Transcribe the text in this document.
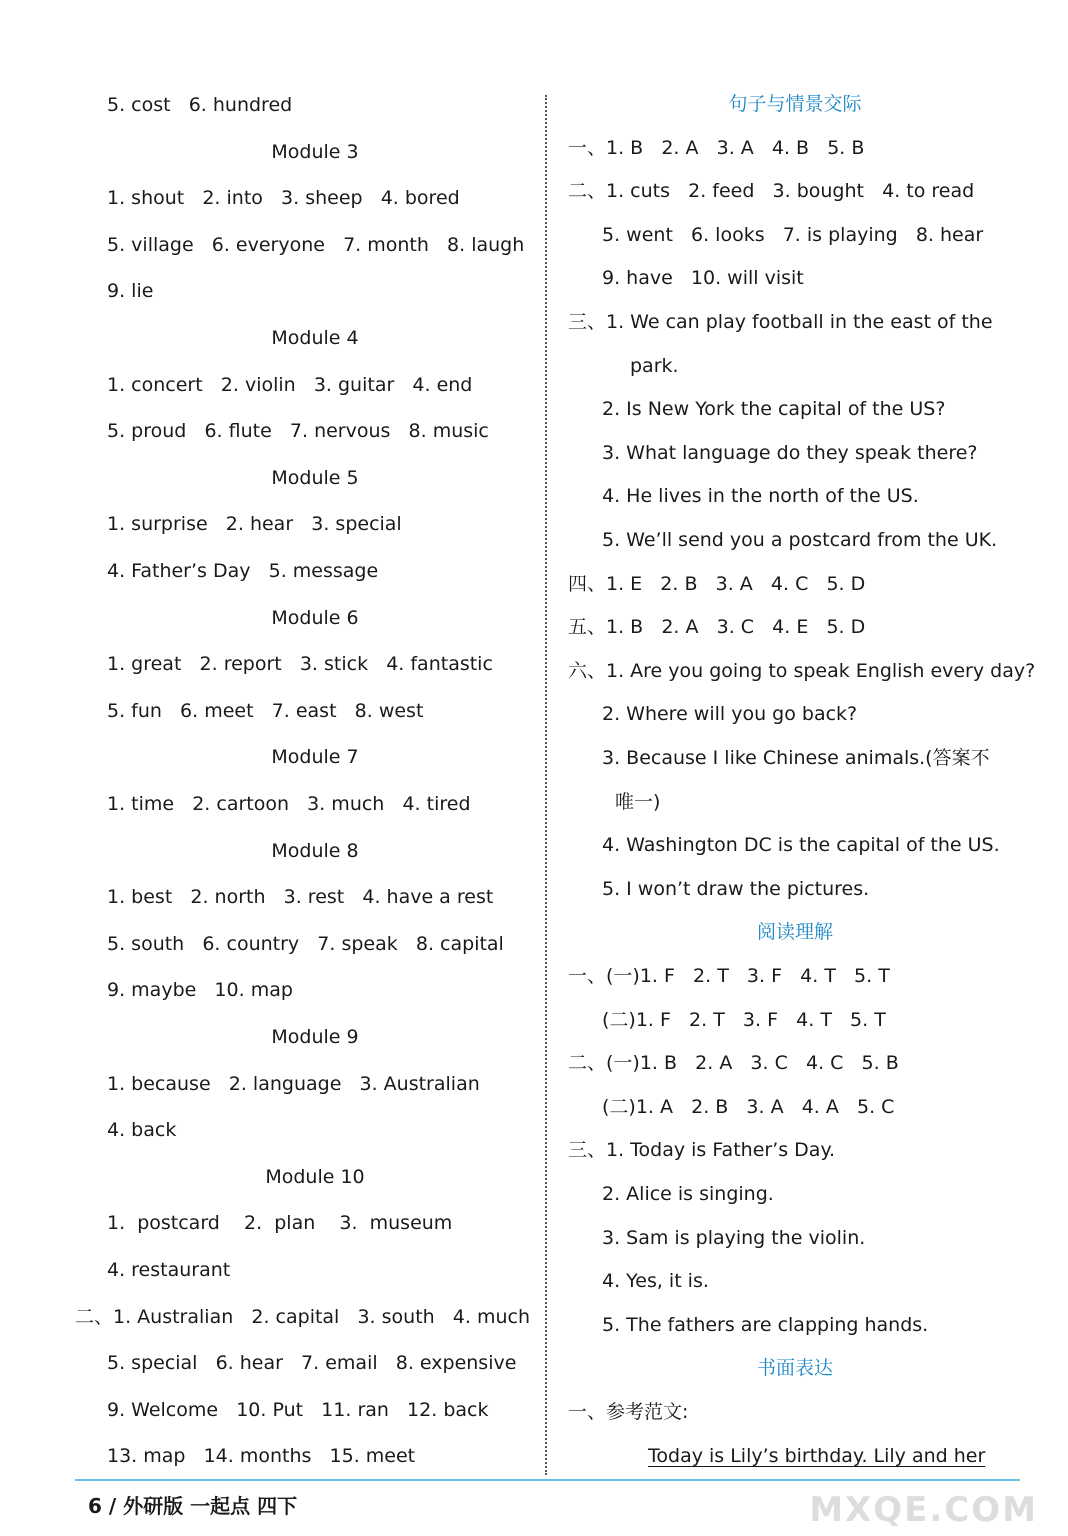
5. cost   6. hundred
Module 3
1. shout   2. into   3. sheep   4. bored
5. village   6. everyone   7. month   8. laugh
9. lie
Module 4
1. concert   2. violin   3. guitar   4. end
5. proud   6. flute   7. nervous   8. music
Module 5
1. surprise   2. hear   3. special
4. Father’s Day   5. message
Module 6
1. great   2. report   3. stick   4. fantastic
5. fun   6. meet   7. east   8. west
Module 7
1. time   2. cartoon   3. much   4. tired
Module 8
1. best   2. north   3. rest   4. have a rest
5. south   6. country   7. speak   8. capital
9. maybe   10. map
Module 9
1. because   2. language   3. Australian
4. back
Module 10
1.  postcard    2.  plan    3.  museum
4. restaurant
二、1. Australian   2. capital   3. south   4. much
5. special   6. hear   7. email   8. expensive
9. Welcome   10. Put   11. ran   12. back
13. map   14. months   15. meet
句子与情景交际
一、1. B   2. A   3. A   4. B   5. B
二、1. cuts   2. feed   3. bought   4. to read
5. went   6. looks   7. is playing   8. hear
9. have   10. will visit
三、1. We can play football in the east of the
park.
2. Is New York the capital of the US?
3. What language do they speak there?
4. He lives in the north of the US.
5. We’ll send you a postcard from the UK.
四、1. E   2. B   3. A   4. C   5. D
五、1. B   2. A   3. C   4. E   5. D
六、1. Are you going to speak English every day?
2. Where will you go back?
3. Because I like Chinese animals.(答案不
唯一)
4. Washington DC is the capital of the US.
5. I won’t draw the pictures.
阅读理解
一、(一)1. F   2. T   3. F   4. T   5. T
(二)1. F   2. T   3. F   4. T   5. T
二、(一)1. B   2. A   3. C   4. C   5. B
(二)1. A   2. B   3. A   4. A   5. C
三、1. Today is Father’s Day.
2. Alice is singing.
3. Sam is playing the violin.
4. Yes, it is.
5. The fathers are clapping hands.
书面表达
一、参考范文:
Today is Lily’s birthday. Lily and her
6 / 外研版 一起点 四下	MXQE.COM
